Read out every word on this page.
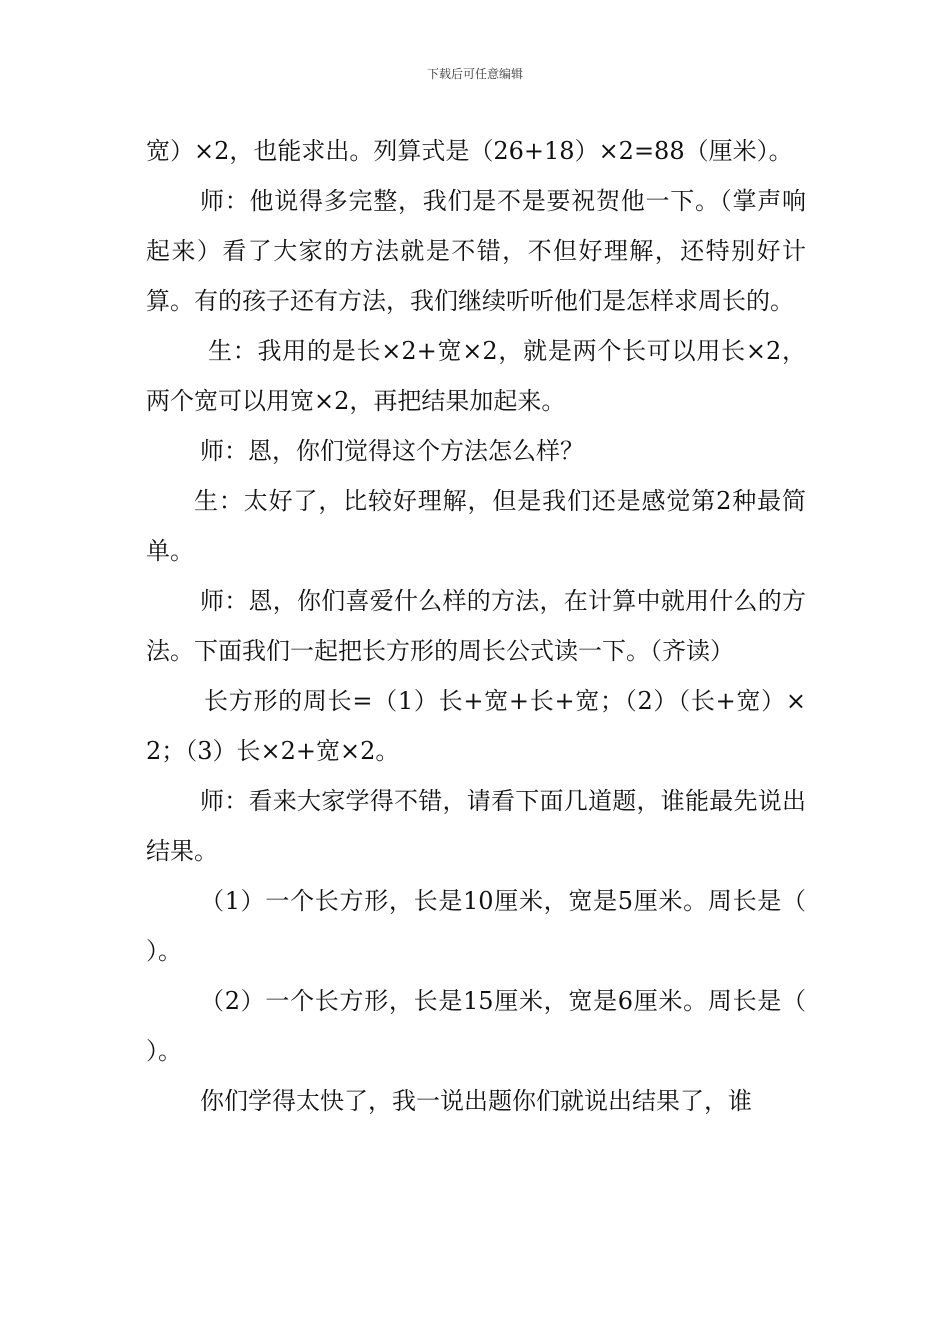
下载后可任意编辑

宽）×2，也能求出。列算式是（26+18）×2=88（厘米）。

师：他说得多完整，我们是不是要祝贺他一下。（掌声响起来）看了大家的方法就是不错，不但好理解，还特别好计算。有的孩子还有方法，我们继续听听他们是怎样求周长的。

生：我用的是长×2+宽×2，就是两个长可以用长×2，两个宽可以用宽×2，再把结果加起来。

师：恩，你们觉得这个方法怎么样？

生：太好了，比较好理解，但是我们还是感觉第2种最简单。

师：恩，你们喜爱什么样的方法，在计算中就用什么的方法。下面我们一起把长方形的周长公式读一下。（齐读）

长方形的周长=（1）长+宽+长+宽；（2）（长+宽）×2；（3）长×2+宽×2。

师：看来大家学得不错，请看下面几道题，谁能最先说出结果。

（1）一个长方形，长是10厘米，宽是5厘米。周长是（　　）。

（2）一个长方形，长是15厘米，宽是6厘米。周长是（　　）。

你们学得太快了，我一说出题你们就说出结果了，谁
